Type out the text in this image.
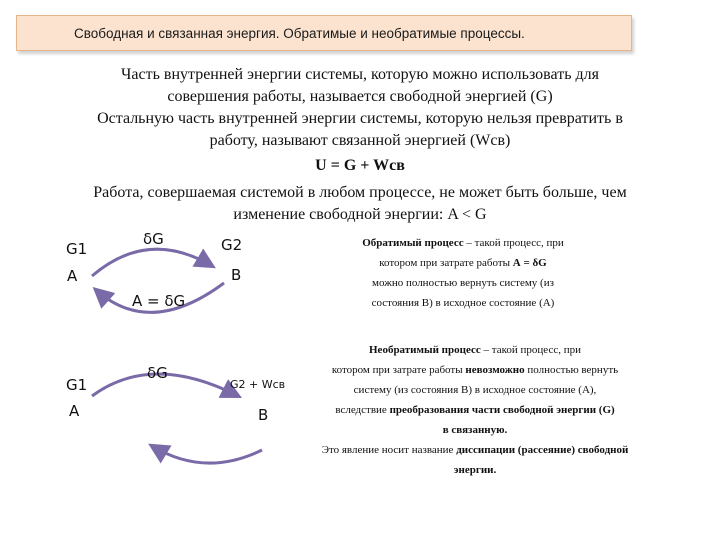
Свободная и связанная энергия. Обратимые и необратимые процессы.
Часть внутренней энергии системы, которую можно использовать для
совершения работы, называется свободной энергией (G)
Остальную часть внутренней энергии системы, которую нельзя превратить в
работу, называют связанной энергией (Wсв)
U = G + Wсв
Работа, совершаемая системой в любом процессе, не может быть больше, чем
изменение свободной энергии: A < G
δG
G1	G2
A	B
A = δG
Обратимый процесс – такой процесс, при
котором при затрате работы А = δG
можно полностью вернуть систему (из
состояния В) в исходное состояние (А)
δG
G1	G2 + Wсв
A	B
Необратимый процесс – такой процесс, при
котором при затрате работы невозможно полностью вернуть
систему (из состояния В) в исходное состояние (А),
вследствие преобразования части свободной энергии (G)
в связанную.
Это явление носит название диссипации (рассеяние) свободной
энергии.
